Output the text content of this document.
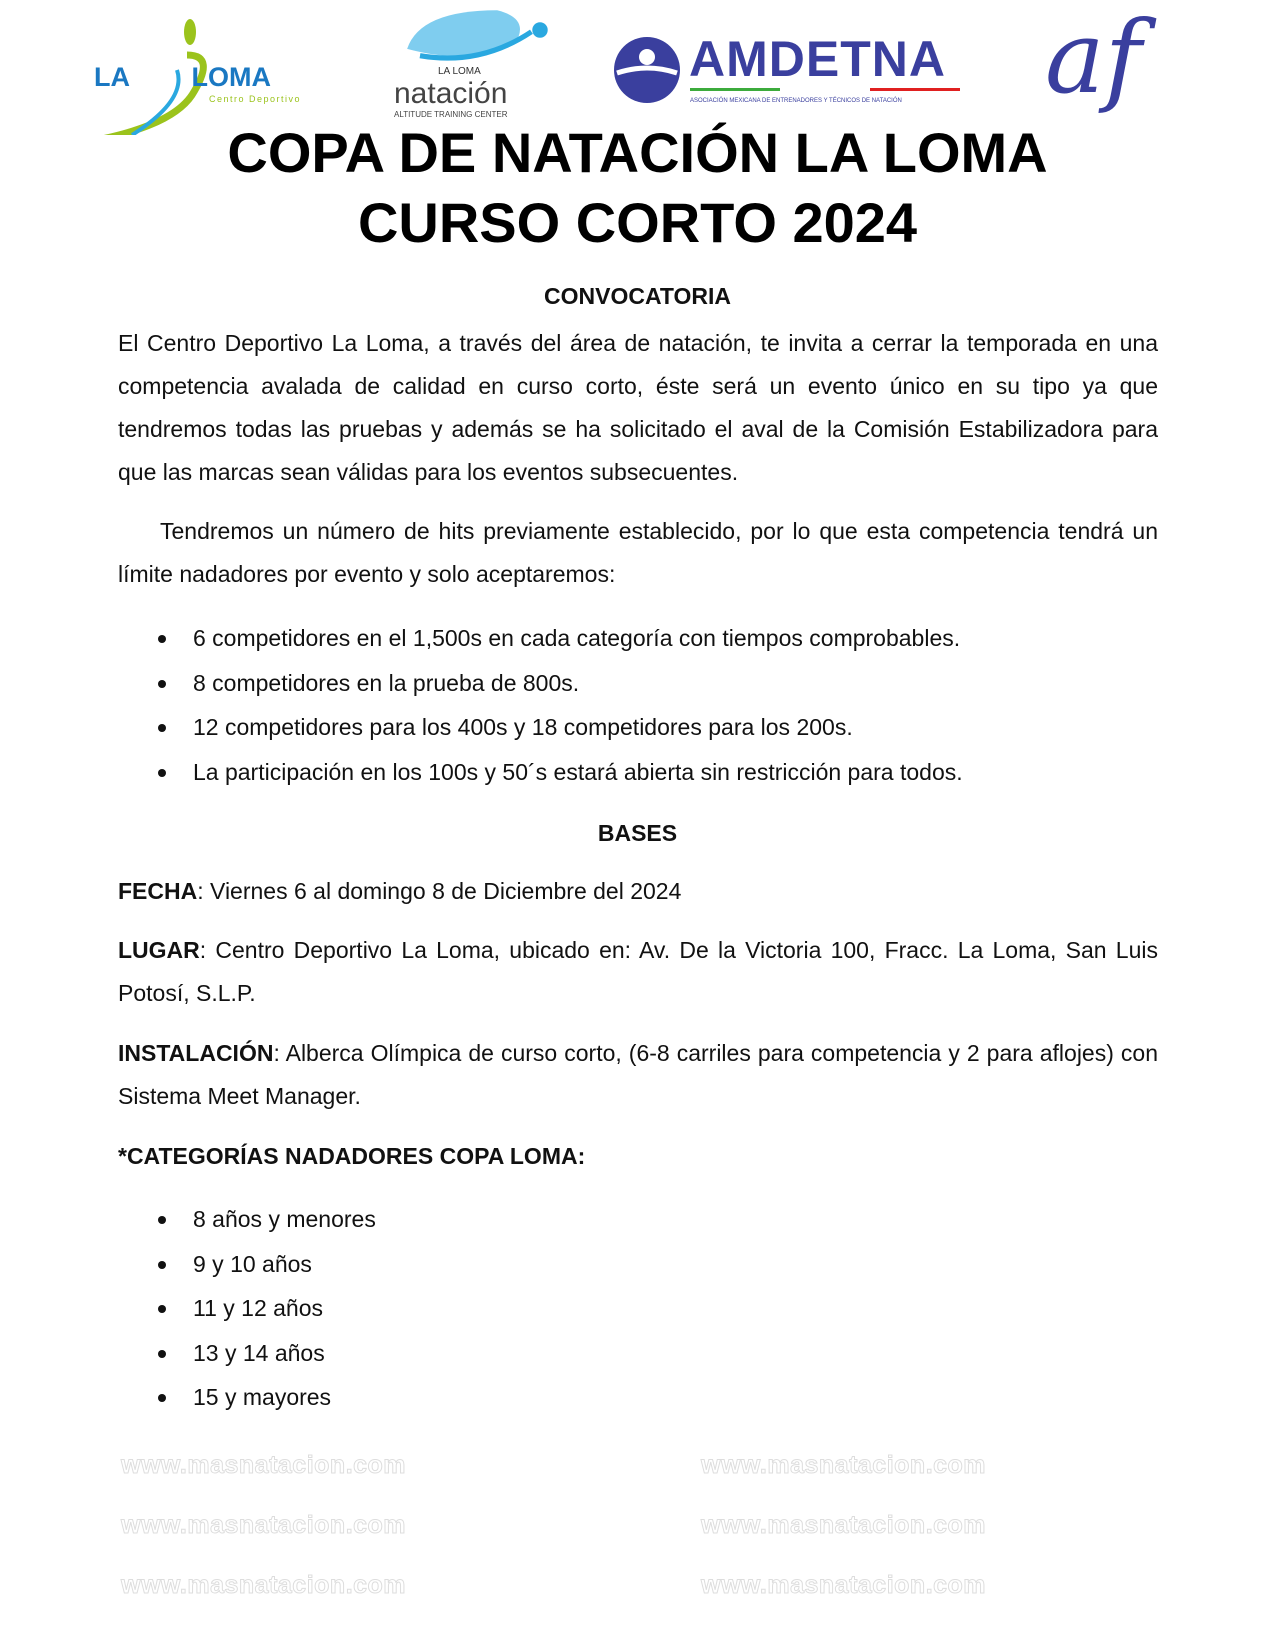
LA LOMA
Centro Deportivo
LA LOMA
natación
ALTITUDE TRAINING CENTER
AMDETNA
ASOCIACIÓN MEXICANA DE ENTRENADORES Y TÉCNICOS DE NATACIÓN af
www.masnatacion.com	www.masnatacion.com
www.masnatacion.com	www.masnatacion.com
www.masnatacion.com	www.masnatacion.com
COPA DE NATACIÓN LA LOMA
CURSO CORTO 2024
CONVOCATORIA

El Centro Deportivo La Loma, a través del área de natación, te invita a cerrar la temporada en una competencia avalada de calidad en curso corto, éste será un evento único en su tipo ya que tendremos todas las pruebas y además se ha solicitado el aval de la Comisión Estabilizadora para que las marcas sean válidas para los eventos subsecuentes.

Tendremos un número de hits previamente establecido, por lo que esta competencia tendrá un límite nadadores por evento y solo aceptaremos:

6 competidores en el 1,500s en cada categoría con tiempos comprobables.
8 competidores en la prueba de 800s.
12 competidores para los 400s y 18 competidores para los 200s.
La participación en los 100s y 50´s estará abierta sin restricción para todos.
BASES

FECHA: Viernes 6 al domingo 8 de Diciembre del 2024

LUGAR: Centro Deportivo La Loma, ubicado en: Av. De la Victoria 100, Fracc. La Loma, San Luis Potosí, S.L.P.

INSTALACIÓN: Alberca Olímpica de curso corto, (6-8 carriles para competencia y 2 para aflojes) con Sistema Meet Manager.

*CATEGORÍAS NADADORES COPA LOMA:

8 años y menores
9 y 10 años
11 y 12 años
13 y 14 años
15 y mayores
